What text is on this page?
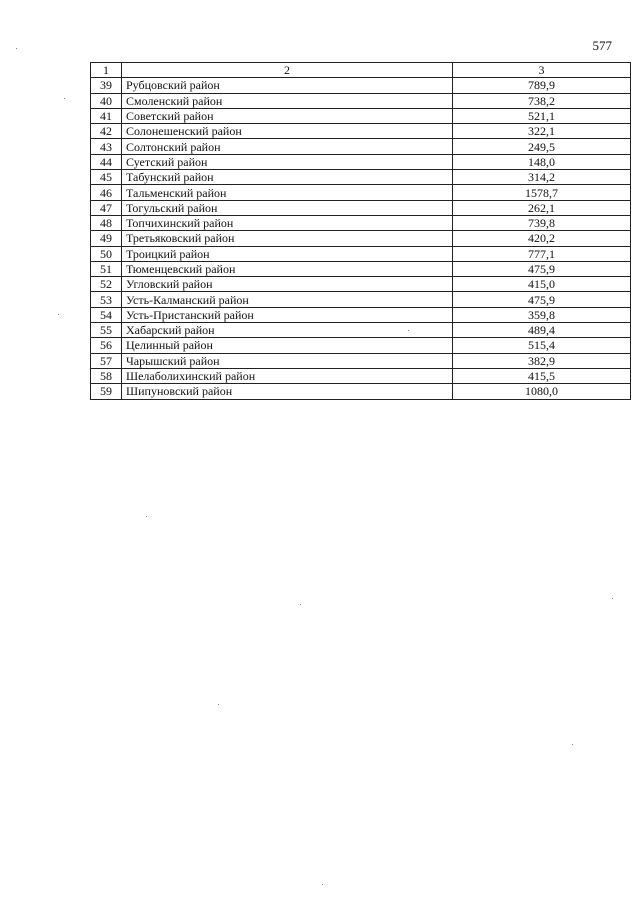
577
1	2	3
39	Рубцовский район	789,9
40	Смоленский район	738,2
41	Советский район	521,1
42	Солонешенский район	322,1
43	Солтонский район	249,5
44	Суетский район	148,0
45	Табунский район	314,2
46	Тальменский район	1578,7
47	Тогульский район	262,1
48	Топчихинский район	739,8
49	Третьяковский район	420,2
50	Троицкий район	777,1
51	Тюменцевский район	475,9
52	Угловский район	415,0
53	Усть-Калманский район	475,9
54	Усть-Пристанский район	359,8
55	Хабарский район	489,4
56	Целинный район	515,4
57	Чарышский район	382,9
58	Шелаболихинский район	415,5
59	Шипуновский район	1080,0
